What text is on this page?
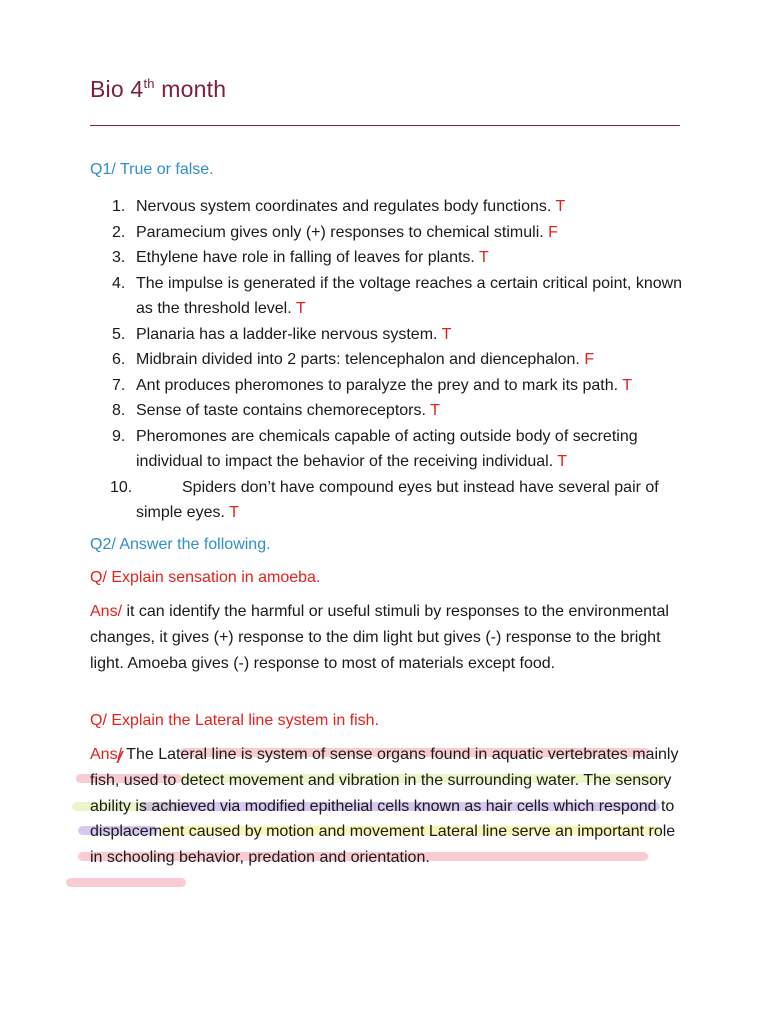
Bio 4th month
Q1/ True or false.
1. Nervous system coordinates and regulates body functions. T
2. Paramecium gives only (+) responses to chemical stimuli. F
3. Ethylene have role in falling of leaves for plants. T
4. The impulse is generated if the voltage reaches a certain critical point, known as the threshold level. T
5. Planaria has a ladder-like nervous system. T
6. Midbrain divided into 2 parts: telencephalon and diencephalon. F
7. Ant produces pheromones to paralyze the prey and to mark its path. T
8. Sense of taste contains chemoreceptors. T
9. Pheromones are chemicals capable of acting outside body of secreting individual to impact the behavior of the receiving individual. T
10.	Spiders don’t have compound eyes but instead have several pair of simple eyes. T
Q2/ Answer the following.
Q/ Explain sensation in amoeba.
Ans/ it can identify the harmful or useful stimuli by responses to the environmental changes, it gives (+) response to the dim light but gives (-) response to the bright light. Amoeba gives (-) response to most of materials except food.
Q/ Explain the Lateral line system in fish.
Ans/ The Lateral line is system of sense organs found in aquatic vertebrates mainly fish, used to detect movement and vibration in the surrounding water. The sensory ability is achieved via modified epithelial cells known as hair cells which respond to displacement caused by motion and movement Lateral line serve an important role in schooling behavior, predation and orientation.
